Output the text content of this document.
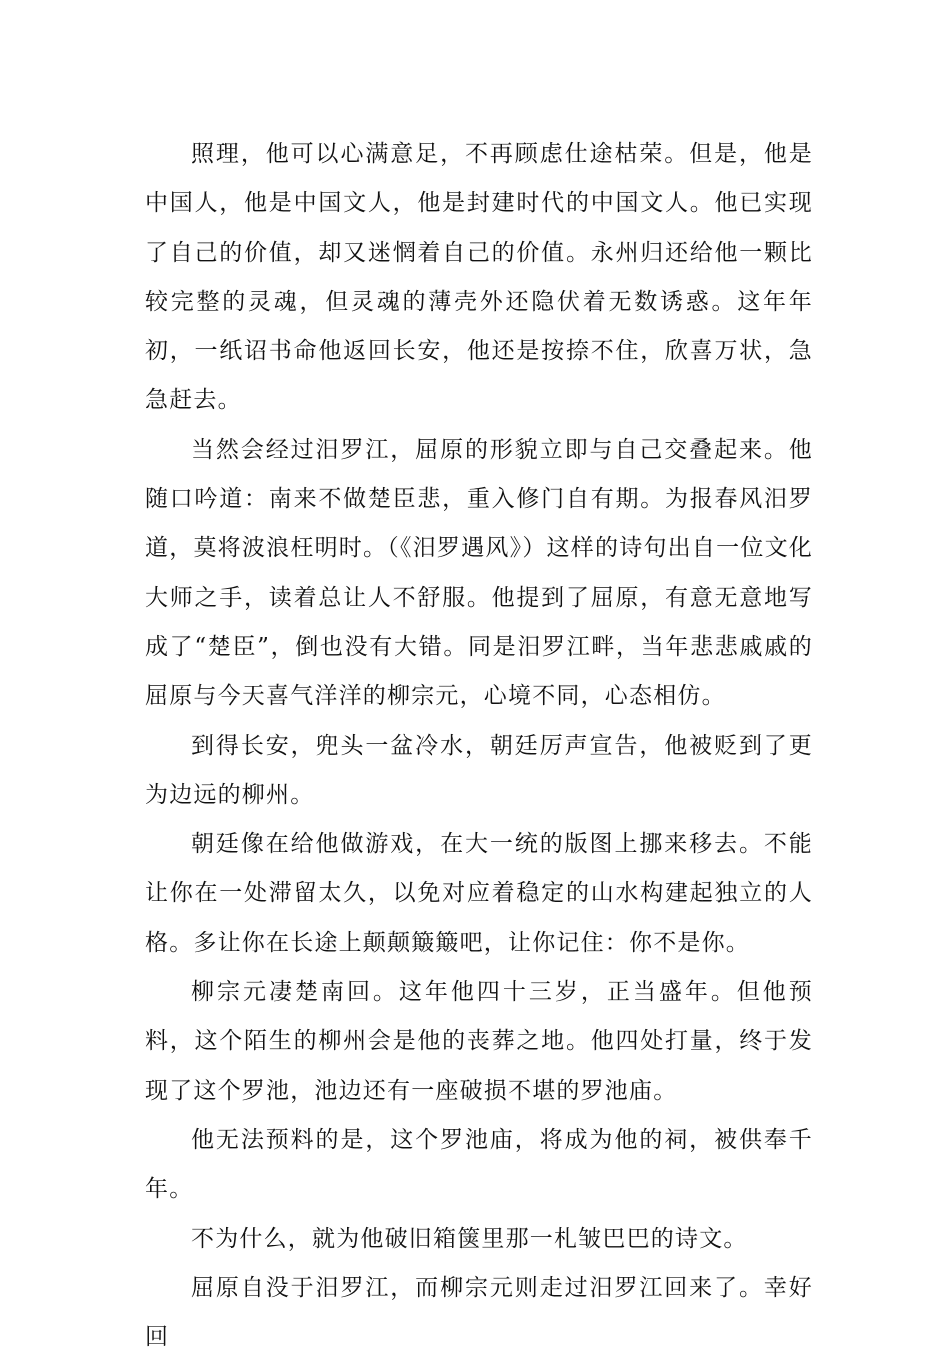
照理，他可以心满意足，不再顾虑仕途枯荣。但是，他是中国人，他是中国文人，他是封建时代的中国文人。他已实现了自己的价值，却又迷惘着自己的价值。永州归还给他一颗比较完整的灵魂，但灵魂的薄壳外还隐伏着无数诱惑。这年年初，一纸诏书命他返回长安，他还是按捺不住，欣喜万状，急急赶去。

当然会经过汨罗江，屈原的形貌立即与自己交叠起来。他随口吟道：南来不做楚臣悲，重入修门自有期。为报春风汨罗道，莫将波浪枉明时。（《汨罗遇风》）这样的诗句出自一位文化大师之手，读着总让人不舒服。他提到了屈原，有意无意地写成了“楚臣”，倒也没有大错。同是汨罗江畔，当年悲悲戚戚的屈原与今天喜气洋洋的柳宗元，心境不同，心态相仿。

到得长安，兜头一盆冷水，朝廷厉声宣告，他被贬到了更为边远的柳州。

朝廷像在给他做游戏，在大一统的版图上挪来移去。不能让你在一处滞留太久，以免对应着稳定的山水构建起独立的人格。多让你在长途上颠颠簸簸吧，让你记住：你不是你。

柳宗元凄楚南回。这年他四十三岁，正当盛年。但他预料，这个陌生的柳州会是他的丧葬之地。他四处打量，终于发现了这个罗池，池边还有一座破损不堪的罗池庙。

他无法预料的是，这个罗池庙，将成为他的祠，被供奉千年。

不为什么，就为他破旧箱箧里那一札皱巴巴的诗文。

屈原自没于汨罗江，而柳宗元则走过汨罗江回来了。幸好回
